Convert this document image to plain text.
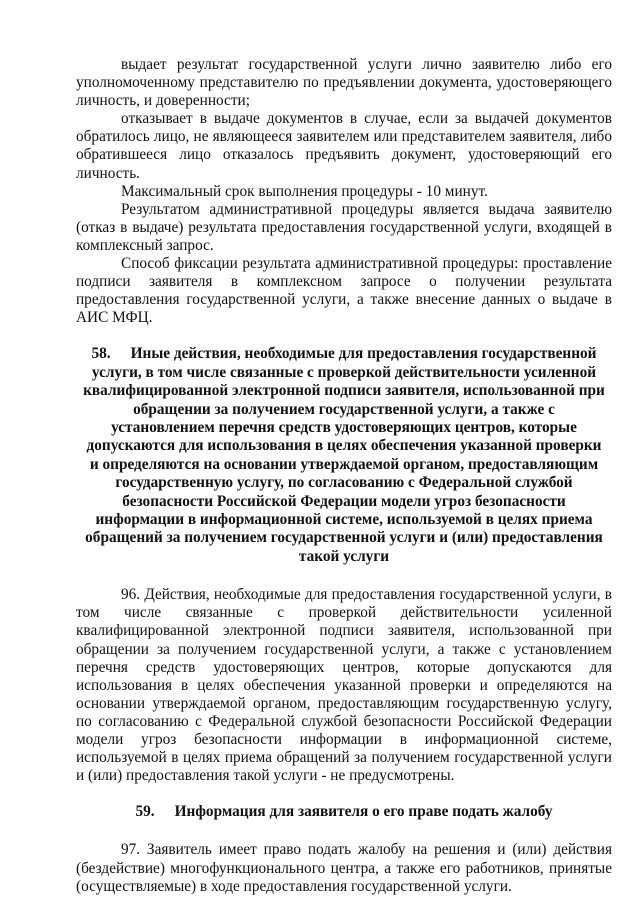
выдает результат государственной услуги лично заявителю либо его уполномоченному представителю по предъявлении документа, удостоверяющего личность, и доверенности;

отказывает в выдаче документов в случае, если за выдачей документов обратилось лицо, не являющееся заявителем или представителем заявителя, либо обратившееся лицо отказалось предъявить документ, удостоверяющий его личность.

Максимальный срок выполнения процедуры - 10 минут.

Результатом административной процедуры является выдача заявителю (отказ в выдаче) результата предоставления государственной услуги, входящей в комплексный запрос.

Способ фиксации результата административной процедуры: проставление подписи заявителя в комплексном запросе о получении результата предоставления государственной услуги, а также внесение данных о выдаче в АИС МФЦ.

58. Иные действия, необходимые для предоставления государственной услуги, в том числе связанные с проверкой действительности усиленной квалифицированной электронной подписи заявителя, использованной при обращении за получением государственной услуги, а также с установлением перечня средств удостоверяющих центров, которые допускаются для использования в целях обеспечения указанной проверки и определяются на основании утверждаемой органом, предоставляющим государственную услугу, по согласованию с Федеральной службой безопасности Российской Федерации модели угроз безопасности информации в информационной системе, используемой в целях приема обращений за получением государственной услуги и (или) предоставления такой услуги

96. Действия, необходимые для предоставления государственной услуги, в том числе связанные с проверкой действительности усиленной квалифицированной электронной подписи заявителя, использованной при обращении за получением государственной услуги, а также с установлением перечня средств удостоверяющих центров, которые допускаются для использования в целях обеспечения указанной проверки и определяются на основании утверждаемой органом, предоставляющим государственную услугу, по согласованию с Федеральной службой безопасности Российской Федерации модели угроз безопасности информации в информационной системе, используемой в целях приема обращений за получением государственной услуги и (или) предоставления такой услуги - не предусмотрены.

59. Информация для заявителя о его праве подать жалобу

97. Заявитель имеет право подать жалобу на решения и (или) действия (бездействие) многофункционального центра, а также его работников, принятые (осуществляемые) в ходе предоставления государственной услуги.
